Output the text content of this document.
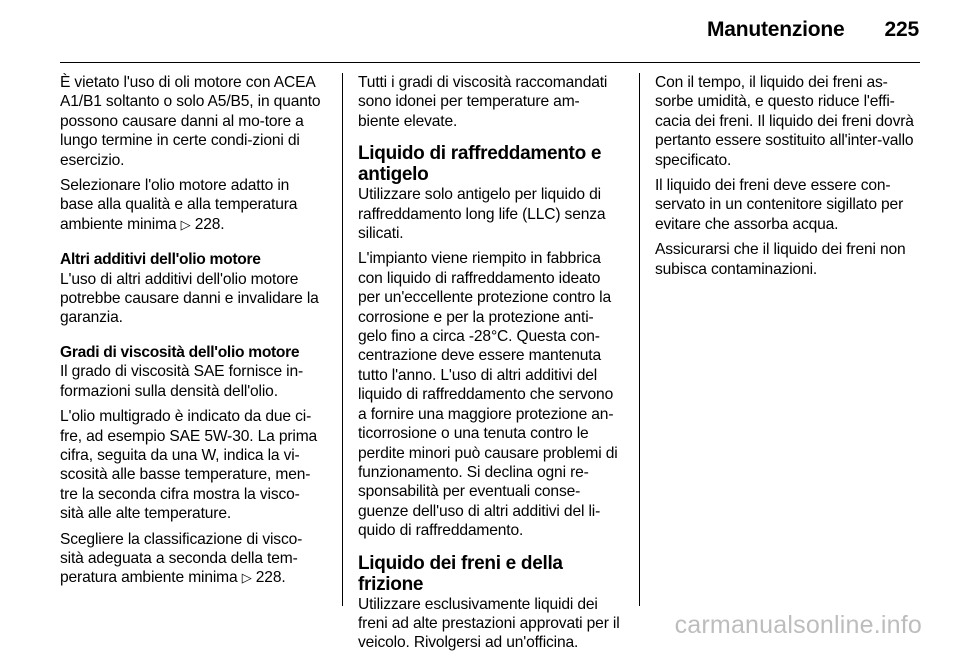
Manutenzione 225

È vietato l'uso di oli motore con ACEA A1/B1 soltanto o solo A5/B5, in quanto possono causare danni al mo-tore a lungo termine in certe condi-zioni di esercizio.

Selezionare l'olio motore adatto in base alla qualità e alla temperatura ambiente minima ▷ 228.

Altri additivi dell'olio motore

L'uso di altri additivi dell'olio motore potrebbe causare danni e invalidare la garanzia.

Gradi di viscosità dell'olio motore

Il grado di viscosità SAE fornisce in-formazioni sulla densità dell'olio.

L'olio multigrado è indicato da due ci-fre, ad esempio SAE 5W-30. La prima cifra, seguita da una W, indica la vi-scosità alle basse temperature, men-tre la seconda cifra mostra la visco-sità alle alte temperature.

Scegliere la classificazione di visco-sità adeguata a seconda della tem-peratura ambiente minima ▷ 228.

Tutti i gradi di viscosità raccomandati sono idonei per temperature am-biente elevate.

Liquido di raffreddamento e antigelo

Utilizzare solo antigelo per liquido di raffreddamento long life (LLC) senza silicati.

L'impianto viene riempito in fabbrica con liquido di raffreddamento ideato per un'eccellente protezione contro la corrosione e per la protezione anti-gelo fino a circa -28°C. Questa con-centrazione deve essere mantenuta tutto l'anno. L'uso di altri additivi del liquido di raffreddamento che servono a fornire una maggiore protezione an-ticorrosione o una tenuta contro le perdite minori può causare problemi di funzionamento. Si declina ogni re-sponsabilità per eventuali conse-guenze dell'uso di altri additivi del li-quido di raffreddamento.

Liquido dei freni e della frizione

Utilizzare esclusivamente liquidi dei freni ad alte prestazioni approvati per il veicolo. Rivolgersi ad un'officina.

Con il tempo, il liquido dei freni as-sorbe umidità, e questo riduce l'effi-cacia dei freni. Il liquido dei freni dovrà pertanto essere sostituito all'inter-vallo specificato.

Il liquido dei freni deve essere con-servato in un contenitore sigillato per evitare che assorba acqua.

Assicurarsi che il liquido dei freni non subisca contaminazioni.

carmanualsonline.info
